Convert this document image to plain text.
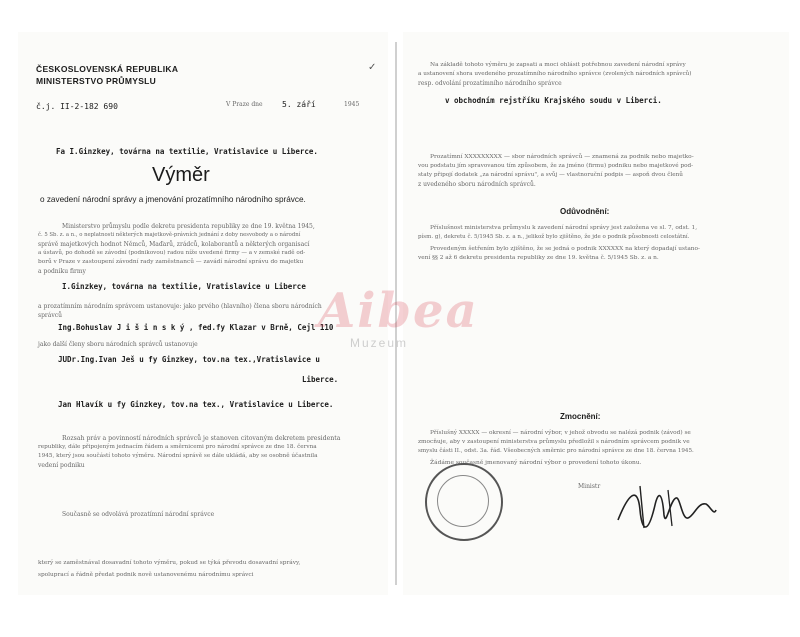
ČESKOSLOVENSKÁ REPUBLIKA
MINISTERSTVO PRŮMYSLU
✓
č.j. II-2-182 690	V Praze dne 5. září	1945
Fa I.Ginzkey, továrna na textilie, Vratislavice u Liberce.
Výměr
o zavedení národní správy a jmenování prozatímního národního správce.
Ministerstvo průmyslu podle dekretu presidenta republiky ze dne 19. května 1945,
č. 5 Sb. z. a n., o neplatnosti některých majetkově-právních jednání z doby nesvobody a o národní
správě majetkových hodnot Němců, Maďarů, zrádců, kolaborantů a některých organisací
a ústavů, po dohodě se závodní (podnikovou) radou níže uvedené firmy — a v zemské radě od-
borů v Praze v zastoupení závodní rady zaměstnanců — zavádí národní správu do majetku
a podniku firmy
I.Ginzkey, továrna na textilie, Vratislavice u Liberce
a prozatímním národním správcem ustanovuje: jako prvého (hlavního) člena sboru národních
správců
Ing.Bohuslav J i š i n s k ý , fed.fy Klazar v Brně, Cejl 110
jako další členy sboru národních správců ustanovuje
JUDr.Ing.Ivan Ješ u fy Ginzkey, tov.na tex.,Vratislavice u
Liberce.
Jan Hlavík u fy Ginzkey, tov.na tex., Vratislavice u Liberce.
Rozsah práv a povinností národních správců je stanoven citovaným dekretem presidenta
republiky, dále připojeným jednacím řádem a směrnicemi pro národní správce ze dne 18. června
1945, který jsou součástí tohoto výměru. Národní správě se dále ukládá, aby se osobně účastnila
vedení podniku
Současně se odvolává prozatímní národní správce
který se zaměstnával dosavadní tohoto výměru, pokud se týká převodu dosavadní správy,
spoluprací a řádně předat podnik nově ustanovenému národnímu správci
Na základě tohoto výměru je zapsati a moci ohlásit potřebnou zavedení národní správy
a ustanovení shora uvedeného prozatímního národního správce (zvolených národních správců)
resp. odvolání prozatímního národního správce
v obchodním rejstříku Krajského soudu v Liberci.
Prozatímní XXXXXXXXX — sbor národních správců — znamená za podnik nebo majetko-
vou podstatu jím spravovanou tím způsobem, že za jméno (firmu) podniku nebo majetkové pod-
staty připojí dodatek „za národní správu", a svůj — vlastnoruční podpis — aspoň dvou členů
z uvedeného sboru národních správců.
Odůvodnění:
Příslušnost ministerstva průmyslu k zavedení národní správy jest založena ve sl. 7, odst. 1,
písm. g), dekretu č. 5/1945 Sb. z. a n., jelikož bylo zjištěno, že jde o podnik působnosti celostátní.
Provedeným šetřením bylo zjištěno, že se jedná o podnik XXXXXX na který dopadají ustano-
vení §§ 2 až 6 dekretu presidenta republiky ze dne 19. května č. 5/1945 Sb. z. a n.
Zmocnění:
Příslušný XXXXX — okresní — národní výbor, v jehož obvodu se nalézá podnik (závod) se
zmocňuje, aby v zastoupení ministerstva průmyslu předložil s národním správcem podnik ve
smyslu části II., odst. 3a. řád. Všeobecných směrnic pro národní správce ze dne 18. června 1945.
Žádáme současně jmenovaný národní výbor o provedení tohoto úkonu.
Ministr
Aibea
Muzeum
